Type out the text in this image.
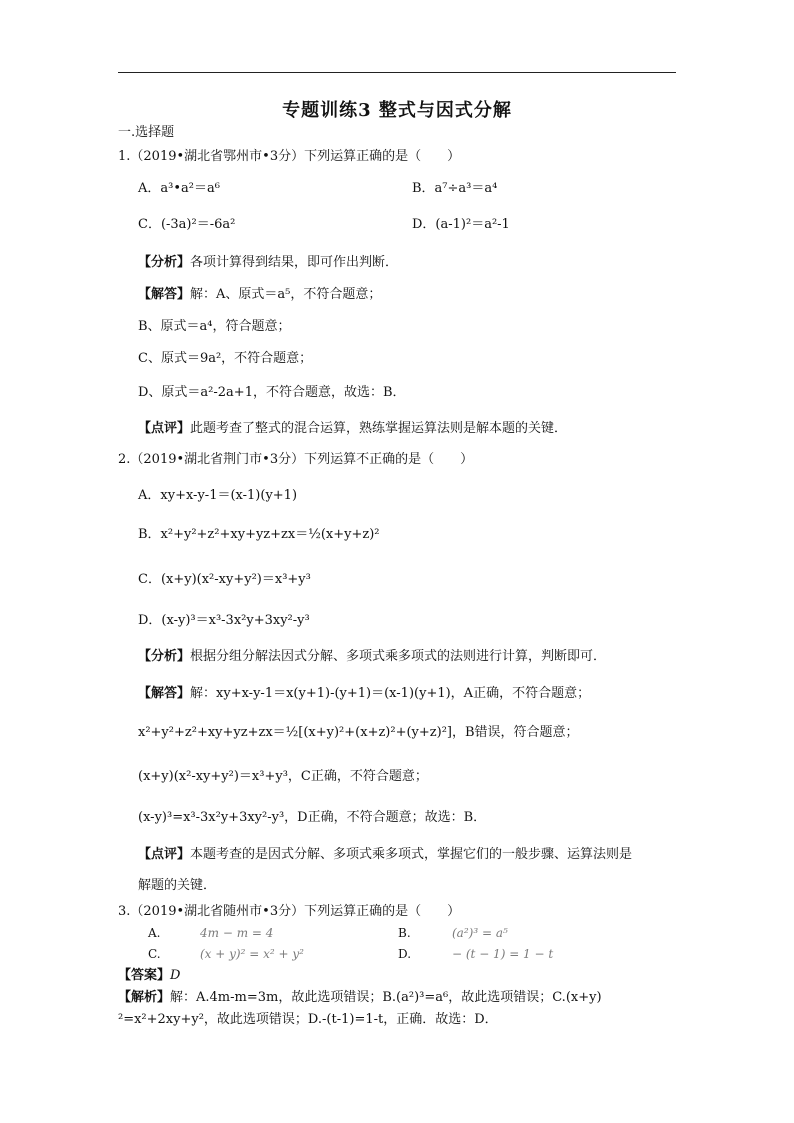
专题训练3 整式与因式分解
一.选择题
1.（2019•湖北省鄂州市•3分）下列运算正确的是（　　）
A．a³•a²＝a⁶	B．a⁷÷a³＝a⁴
C．(-3a)²＝-6a²	D．(a-1)²＝a²-1
【分析】各项计算得到结果，即可作出判断．
【解答】解：A、原式＝a⁵，不符合题意；
B、原式＝a⁴，符合题意；
C、原式＝9a²，不符合题意；
D、原式＝a²-2a+1，不符合题意，故选：B．
【点评】此题考查了整式的混合运算，熟练掌握运算法则是解本题的关键．
2.（2019•湖北省荆门市•3分）下列运算不正确的是（　　）
A．xy+x-y-1＝(x-1)(y+1)
B．x²+y²+z²+xy+yz+zx＝½(x+y+z)²
C．(x+y)(x²-xy+y²)＝x³+y³
D．(x-y)³＝x³-3x²y+3xy²-y³
【分析】根据分组分解法因式分解、多项式乘多项式的法则进行计算，判断即可．
【解答】解：xy+x-y-1＝x(y+1)-(y+1)＝(x-1)(y+1)，A正确，不符合题意；
x²+y²+z²+xy+yz+zx＝½[(x+y)²+(x+z)²+(y+z)²]，B错误，符合题意；
(x+y)(x²-xy+y²)＝x³+y³，C正确，不符合题意；
(x-y)³=x³-3x²y+3xy²-y³，D正确，不符合题意；故选：B．
【点评】本题考查的是因式分解、多项式乘多项式，掌握它们的一般步骤、运算法则是
解题的关键．
3.（2019•湖北省随州市•3分）下列运算正确的是（　　）
A.	4m − m = 4	B.	(a²)³ = a⁵
C.	(x + y)² = x² + y²	D.	− (t − 1) = 1 − t
【答案】D
【解析】解：A.4m-m=3m，故此选项错误；B.(a²)³=a⁶，故此选项错误；C.(x+y)
²=x²+2xy+y²，故此选项错误；D.-(t-1)=1-t，正确．故选：D．
